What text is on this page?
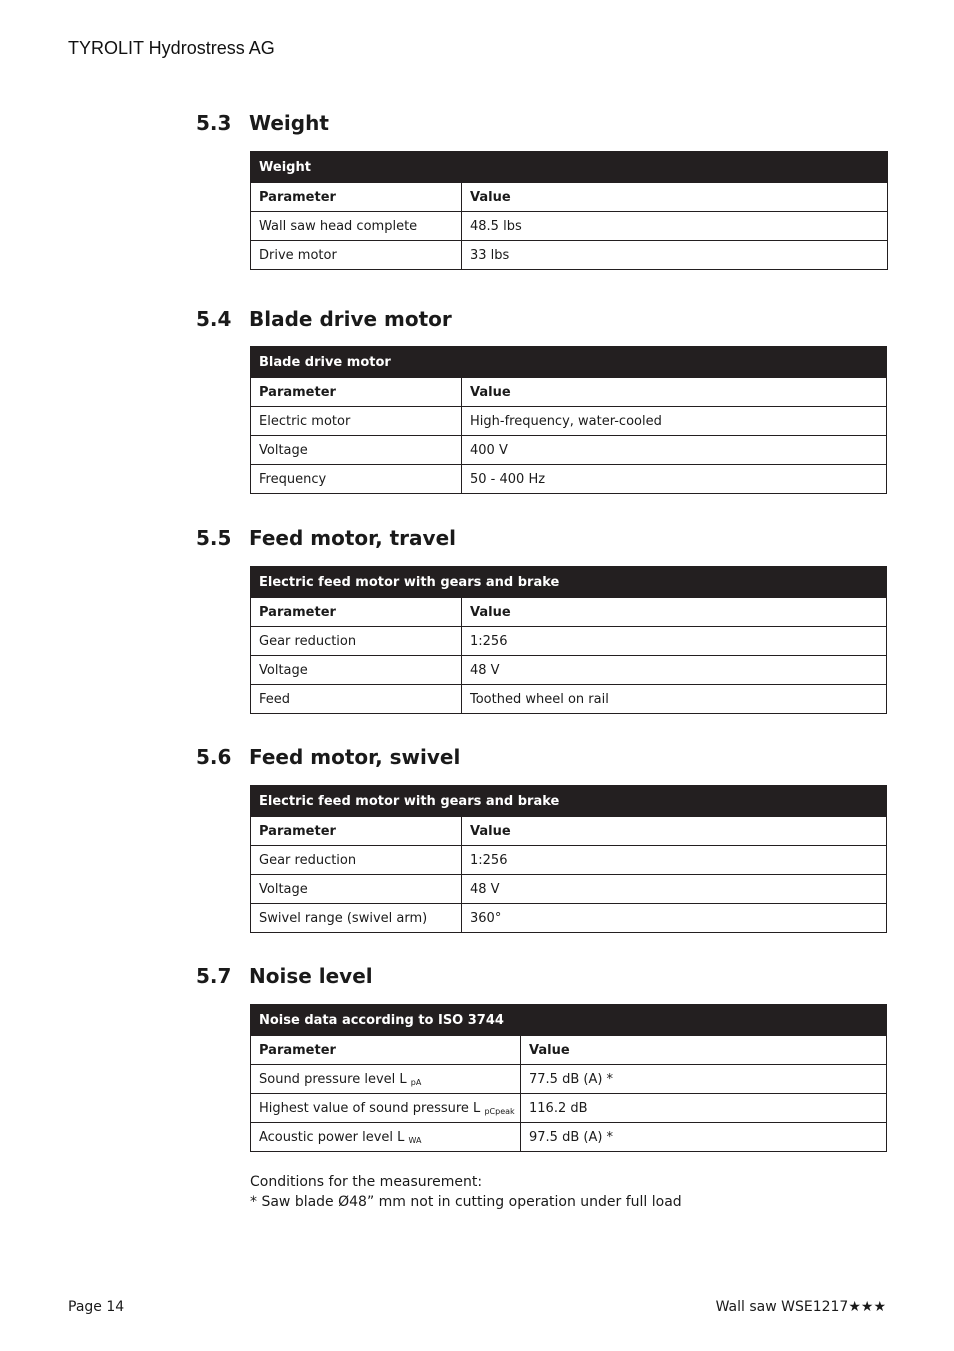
TYROLIT Hydrostress AG
5.3 Weight
Weight	
Parameter	Value
Wall saw head complete	48.5 lbs
Drive motor	33 lbs
5.4 Blade drive motor
Blade drive motor	
Parameter	Value
Electric motor	High-frequency, water-cooled
Voltage	400 V
Frequency	50 - 400 Hz
5.5 Feed motor, travel
Electric feed motor with gears and brake	
Parameter	Value
Gear reduction	1:256
Voltage	48 V
Feed	Toothed wheel on rail
5.6 Feed motor, swivel
Electric feed motor with gears and brake	
Parameter	Value
Gear reduction	1:256
Voltage	48 V
Swivel range (swivel arm)	360°
5.7 Noise level
Noise data according to ISO 3744	
Parameter	Value
Sound pressure level L $_{pA}$	77.5 dB (A) *
Highest value of sound pressure L $_{pCpeak}$	116.2 dB
Acoustic power level L $_{WA}$	97.5 dB (A) *
Conditions for the measurement:
* Saw blade Ø48” mm not in cutting operation under full load
Page 14	Wall saw WSE1217★★★
